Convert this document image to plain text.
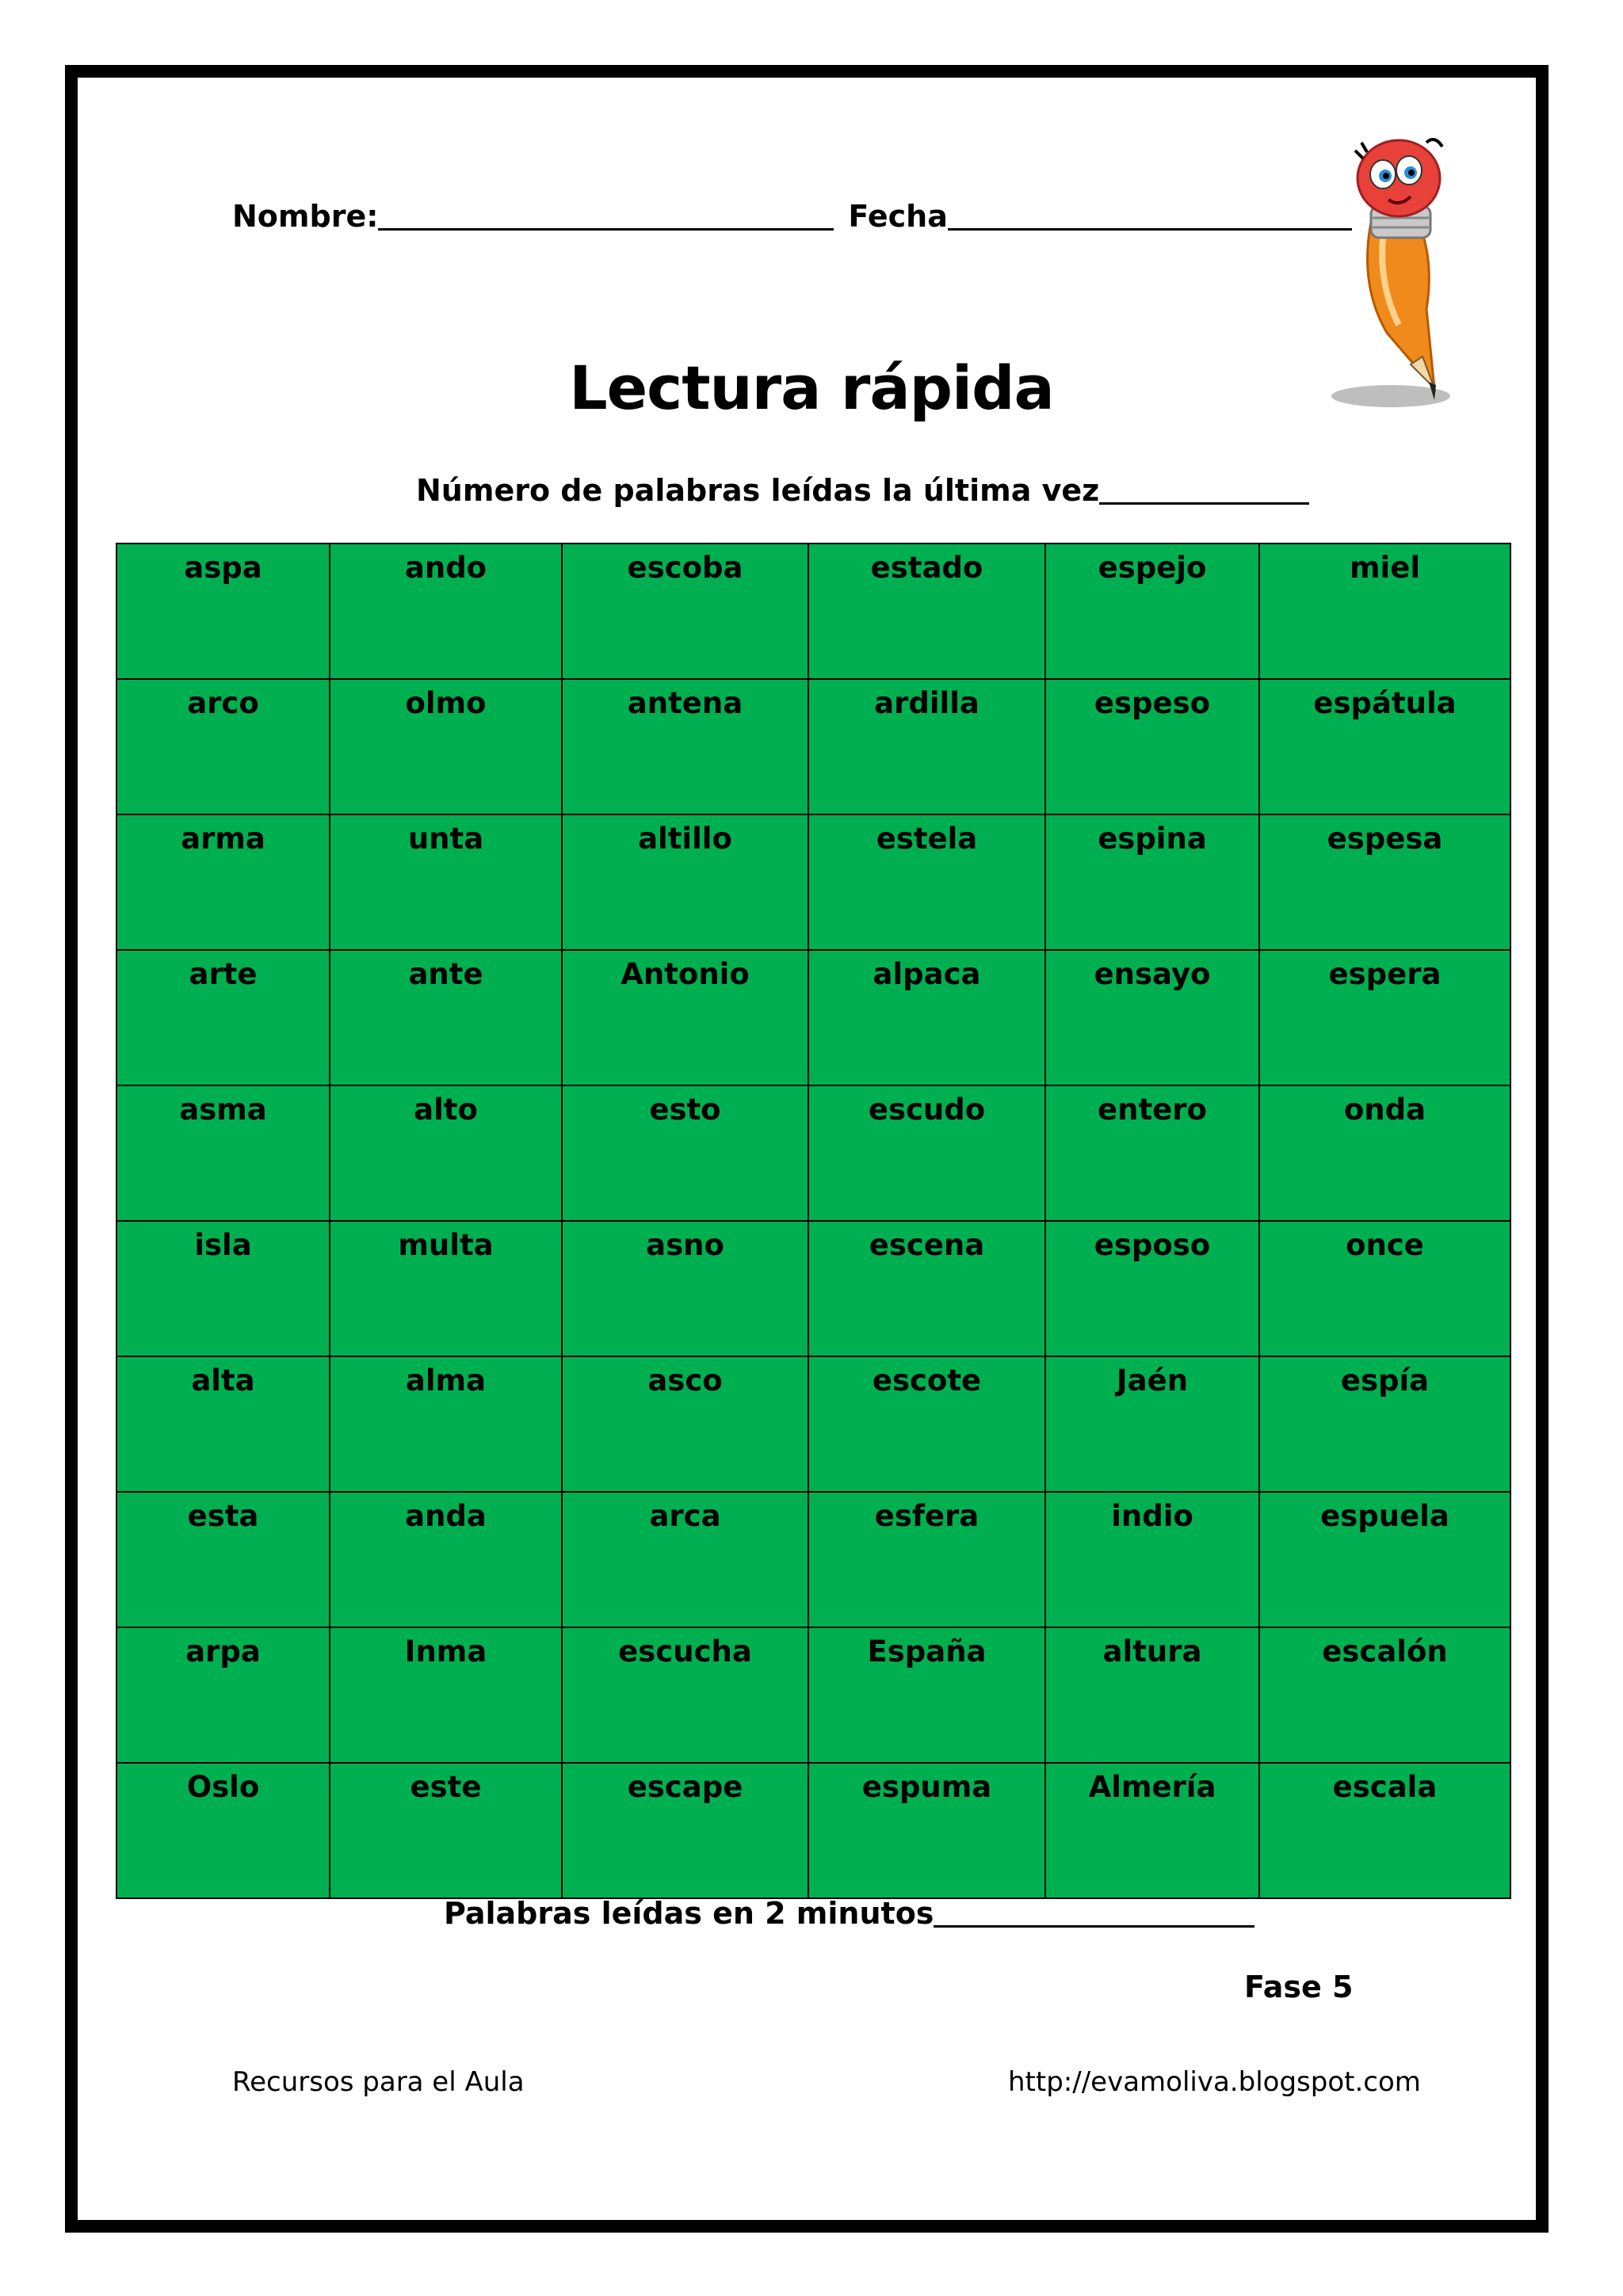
Nombre:	Fecha
Lectura rápida
Número de palabras leídas la última vez
aspa	ando	escoba	estado	espejo	miel
arco	olmo	antena	ardilla	espeso	espátula
arma	unta	altillo	estela	espina	espesa
arte	ante	Antonio	alpaca	ensayo	espera
asma	alto	esto	escudo	entero	onda
isla	multa	asno	escena	esposo	once
alta	alma	asco	escote	Jaén	espía
esta	anda	arca	esfera	indio	espuela
arpa	Inma	escucha	España	altura	escalón
Oslo	este	escape	espuma	Almería	escala
Palabras leídas en 2 minutos
Fase 5
Recursos para el Aula	http://evamoliva.blogspot.com
